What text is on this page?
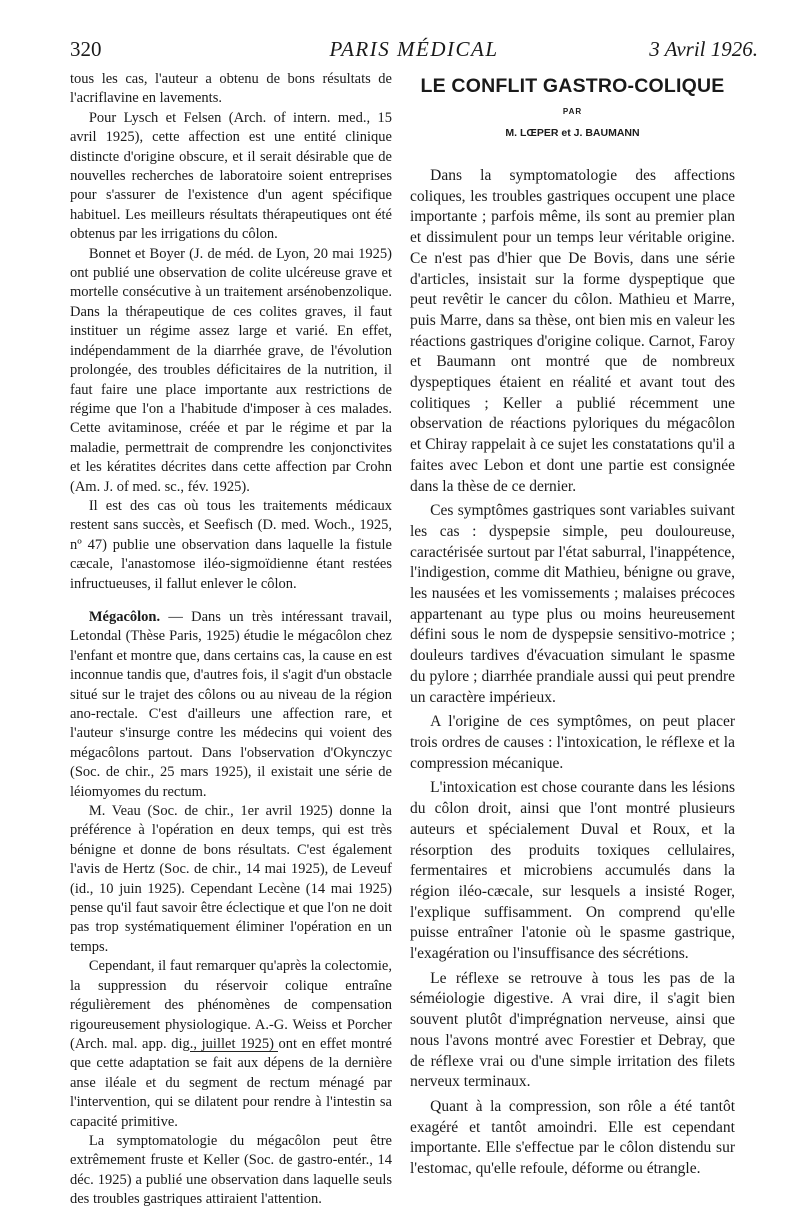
320	PARIS MÉDICAL	3 Avril 1926.

tous les cas, l'auteur a obtenu de bons résultats de l'acriflavine en lavements.

Pour Lysch et Felsen (Arch. of intern. med., 15 avril 1925), cette affection est une entité clinique distincte d'origine obscure, et il serait désirable que de nouvelles recherches de laboratoire soient entreprises pour s'assurer de l'existence d'un agent spécifique habituel. Les meilleurs résultats thérapeutiques ont été obtenus par les irrigations du côlon.

Bonnet et Boyer (J. de méd. de Lyon, 20 mai 1925) ont publié une observation de colite ulcéreuse grave et mortelle consécutive à un traitement arsénobenzolique. Dans la thérapeutique de ces colites graves, il faut instituer un régime assez large et varié. En effet, indépendamment de la diarrhée grave, de l'évolution prolongée, des troubles déficitaires de la nutrition, il faut faire une place importante aux restrictions de régime que l'on a l'habitude d'imposer à ces malades. Cette avitaminose, créée et par le régime et par la maladie, permettrait de comprendre les conjonctivites et les kératites décrites dans cette affection par Crohn (Am. J. of med. sc., fév. 1925).

Il est des cas où tous les traitements médicaux restent sans succès, et Seefisch (D. med. Woch., 1925, nº 47) publie une observation dans laquelle la fistule cæcale, l'anastomose iléo-sigmoïdienne étant restées infructueuses, il fallut enlever le côlon.

Mégacôlon. — Dans un très intéressant travail, Letondal (Thèse Paris, 1925) étudie le mégacôlon chez l'enfant et montre que, dans certains cas, la cause en est inconnue tandis que, d'autres fois, il s'agit d'un obstacle situé sur le trajet des côlons ou au niveau de la région ano-rectale. C'est d'ailleurs une affection rare, et l'auteur s'insurge contre les médecins qui voient des mégacôlons partout. Dans l'observation d'Okynczyc (Soc. de chir., 25 mars 1925), il existait une série de léiomyomes du rectum.

M. Veau (Soc. de chir., 1er avril 1925) donne la préférence à l'opération en deux temps, qui est très bénigne et donne de bons résultats. C'est également l'avis de Hertz (Soc. de chir., 14 mai 1925), de Leveuf (id., 10 juin 1925). Cependant Lecène (14 mai 1925) pense qu'il faut savoir être éclectique et que l'on ne doit pas trop systématiquement éliminer l'opération en un temps.

Cependant, il faut remarquer qu'après la colectomie, la suppression du réservoir colique entraîne régulièrement des phénomènes de compensation rigoureusement physiologique. A.-G. Weiss et Porcher (Arch. mal. app. dig., juillet 1925) ont en effet montré que cette adaptation se fait aux dépens de la dernière anse iléale et du segment de rectum ménagé par l'intervention, qui se dilatent pour rendre à l'intestin sa capacité primitive.

La symptomatologie du mégacôlon peut être extrêmement fruste et Keller (Soc. de gastro-entér., 14 déc. 1925) a publié une observation dans laquelle seuls des troubles gastriques attiraient l'attention.

LE CONFLIT GASTRO-COLIQUE
PAR
M. LŒPER et J. BAUMANN

Dans la symptomatologie des affections coliques, les troubles gastriques occupent une place importante ; parfois même, ils sont au premier plan et dissimulent pour un temps leur véritable origine. Ce n'est pas d'hier que De Bovis, dans une série d'articles, insistait sur la forme dyspeptique que peut revêtir le cancer du côlon. Mathieu et Marre, puis Marre, dans sa thèse, ont bien mis en valeur les réactions gastriques d'origine colique. Carnot, Faroy et Baumann ont montré que de nombreux dyspeptiques étaient en réalité et avant tout des colitiques ; Keller a publié récemment une observation de réactions pyloriques du mégacôlon et Chiray rappelait à ce sujet les constatations qu'il a faites avec Lebon et dont une partie est consignée dans la thèse de ce dernier.

Ces symptômes gastriques sont variables suivant les cas : dyspepsie simple, peu douloureuse, caractérisée surtout par l'état saburral, l'inappétence, l'indigestion, comme dit Mathieu, bénigne ou grave, les nausées et les vomissements ; malaises précoces appartenant au type plus ou moins heureusement défini sous le nom de dyspepsie sensitivo-motrice ; douleurs tardives d'évacuation simulant le spasme du pylore ; diarrhée prandiale aussi qui peut prendre un caractère impérieux.

A l'origine de ces symptômes, on peut placer trois ordres de causes : l'intoxication, le réflexe et la compression mécanique.

L'intoxication est chose courante dans les lésions du côlon droit, ainsi que l'ont montré plusieurs auteurs et spécialement Duval et Roux, et la résorption des produits toxiques cellulaires, fermentaires et microbiens accumulés dans la région iléo-cæcale, sur lesquels a insisté Roger, l'explique suffisamment. On comprend qu'elle puisse entraîner l'atonie où le spasme gastrique, l'exagération ou l'insuffisance des sécrétions.

Le réflexe se retrouve à tous les pas de la séméiologie digestive. A vrai dire, il s'agit bien souvent plutôt d'imprégnation nerveuse, ainsi que nous l'avons montré avec Forestier et Debray, que de réflexe vrai ou d'une simple irritation des filets nerveux terminaux.

Quant à la compression, son rôle a été tantôt exagéré et tantôt amoindri. Elle est cependant importante. Elle s'effectue par le côlon distendu sur l'estomac, qu'elle refoule, déforme ou étrangle.
